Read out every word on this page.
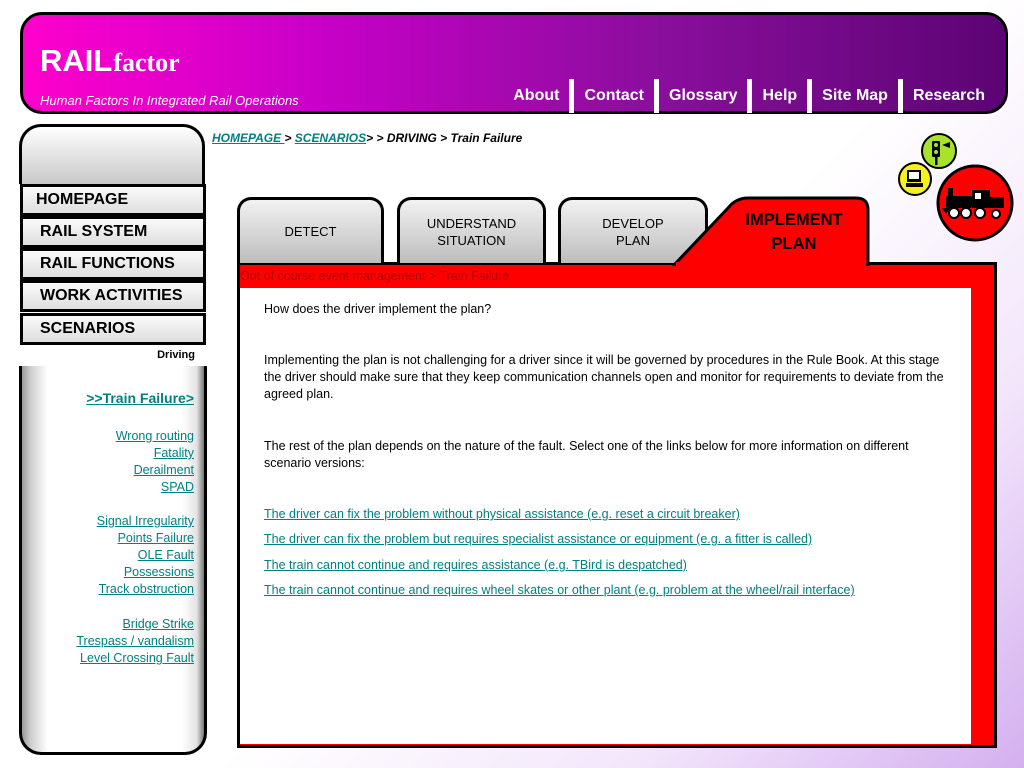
RAILfactor
Human Factors In Integrated Rail Operations	About	Contact	Glossary	Help	Site Map	Research
HOMEPAGE
RAIL SYSTEM
RAIL FUNCTIONS
WORK ACTIVITIES
SCENARIOS
Driving
>>Train Failure>
Wrong routing
Fatality
Derailment
SPAD
Signal Irregularity
Points Failure
OLE Fault
Possessions
Track obstruction
Bridge Strike
Trespass / vandalism
Level Crossing Fault
HOMEPAGE > SCENARIOS> > DRIVING > Train Failure
DETECT
UNDERSTAND
SITUATION
DEVELOP
PLAN
IMPLEMENT
PLAN
Out of course event management > Train Failure
How does the driver implement the plan?
Implementing the plan is not challenging for a driver since it will be governed by procedures in the Rule Book. At this stage the driver should make sure that they keep communication channels open and monitor for requirements to deviate from the agreed plan.
The rest of the plan depends on the nature of the fault. Select one of the links below for more information on different scenario versions:
The driver can fix the problem without physical assistance (e.g. reset a circuit breaker)
The driver can fix the problem but requires specialist assistance or equipment (e.g. a fitter is called)
The train cannot continue and requires assistance (e.g. TBird is despatched)
The train cannot continue and requires wheel skates or other plant (e.g. problem at the wheel/rail interface)
